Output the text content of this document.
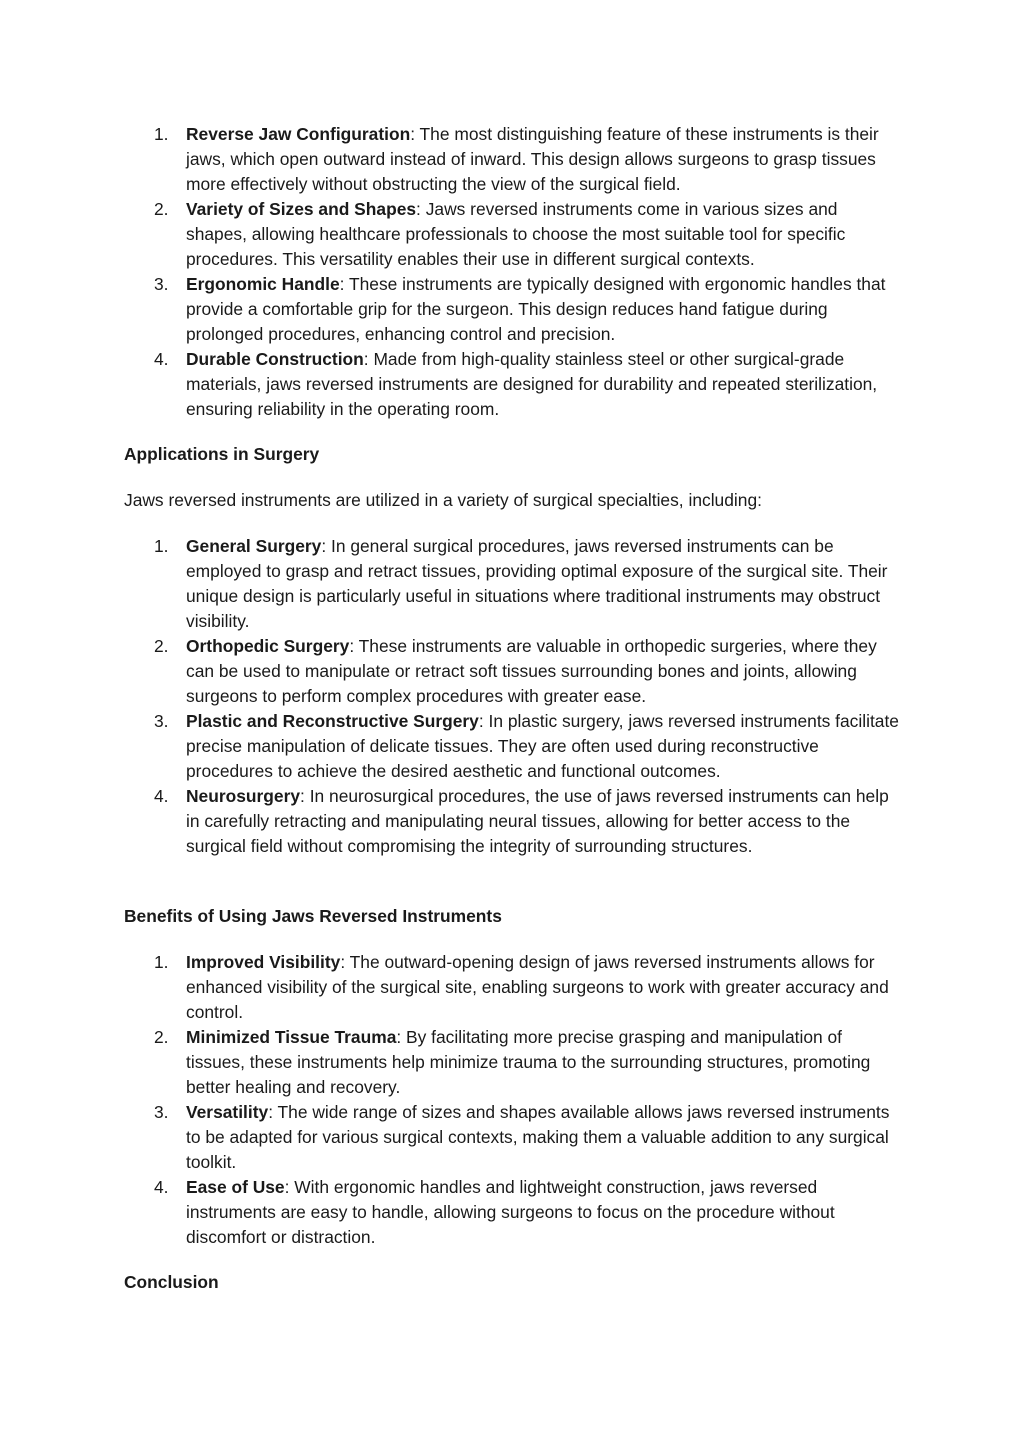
1. Reverse Jaw Configuration: The most distinguishing feature of these instruments is their jaws, which open outward instead of inward. This design allows surgeons to grasp tissues more effectively without obstructing the view of the surgical field.
2. Variety of Sizes and Shapes: Jaws reversed instruments come in various sizes and shapes, allowing healthcare professionals to choose the most suitable tool for specific procedures. This versatility enables their use in different surgical contexts.
3. Ergonomic Handle: These instruments are typically designed with ergonomic handles that provide a comfortable grip for the surgeon. This design reduces hand fatigue during prolonged procedures, enhancing control and precision.
4. Durable Construction: Made from high-quality stainless steel or other surgical-grade materials, jaws reversed instruments are designed for durability and repeated sterilization, ensuring reliability in the operating room.
Applications in Surgery

Jaws reversed instruments are utilized in a variety of surgical specialties, including:

1. General Surgery: In general surgical procedures, jaws reversed instruments can be employed to grasp and retract tissues, providing optimal exposure of the surgical site. Their unique design is particularly useful in situations where traditional instruments may obstruct visibility.
2. Orthopedic Surgery: These instruments are valuable in orthopedic surgeries, where they can be used to manipulate or retract soft tissues surrounding bones and joints, allowing surgeons to perform complex procedures with greater ease.
3. Plastic and Reconstructive Surgery: In plastic surgery, jaws reversed instruments facilitate precise manipulation of delicate tissues. They are often used during reconstructive procedures to achieve the desired aesthetic and functional outcomes.
4. Neurosurgery: In neurosurgical procedures, the use of jaws reversed instruments can help in carefully retracting and manipulating neural tissues, allowing for better access to the surgical field without compromising the integrity of surrounding structures.
Benefits of Using Jaws Reversed Instruments
1. Improved Visibility: The outward-opening design of jaws reversed instruments allows for enhanced visibility of the surgical site, enabling surgeons to work with greater accuracy and control.
2. Minimized Tissue Trauma: By facilitating more precise grasping and manipulation of tissues, these instruments help minimize trauma to the surrounding structures, promoting better healing and recovery.
3. Versatility: The wide range of sizes and shapes available allows jaws reversed instruments to be adapted for various surgical contexts, making them a valuable addition to any surgical toolkit.
4. Ease of Use: With ergonomic handles and lightweight construction, jaws reversed instruments are easy to handle, allowing surgeons to focus on the procedure without discomfort or distraction.
Conclusion
